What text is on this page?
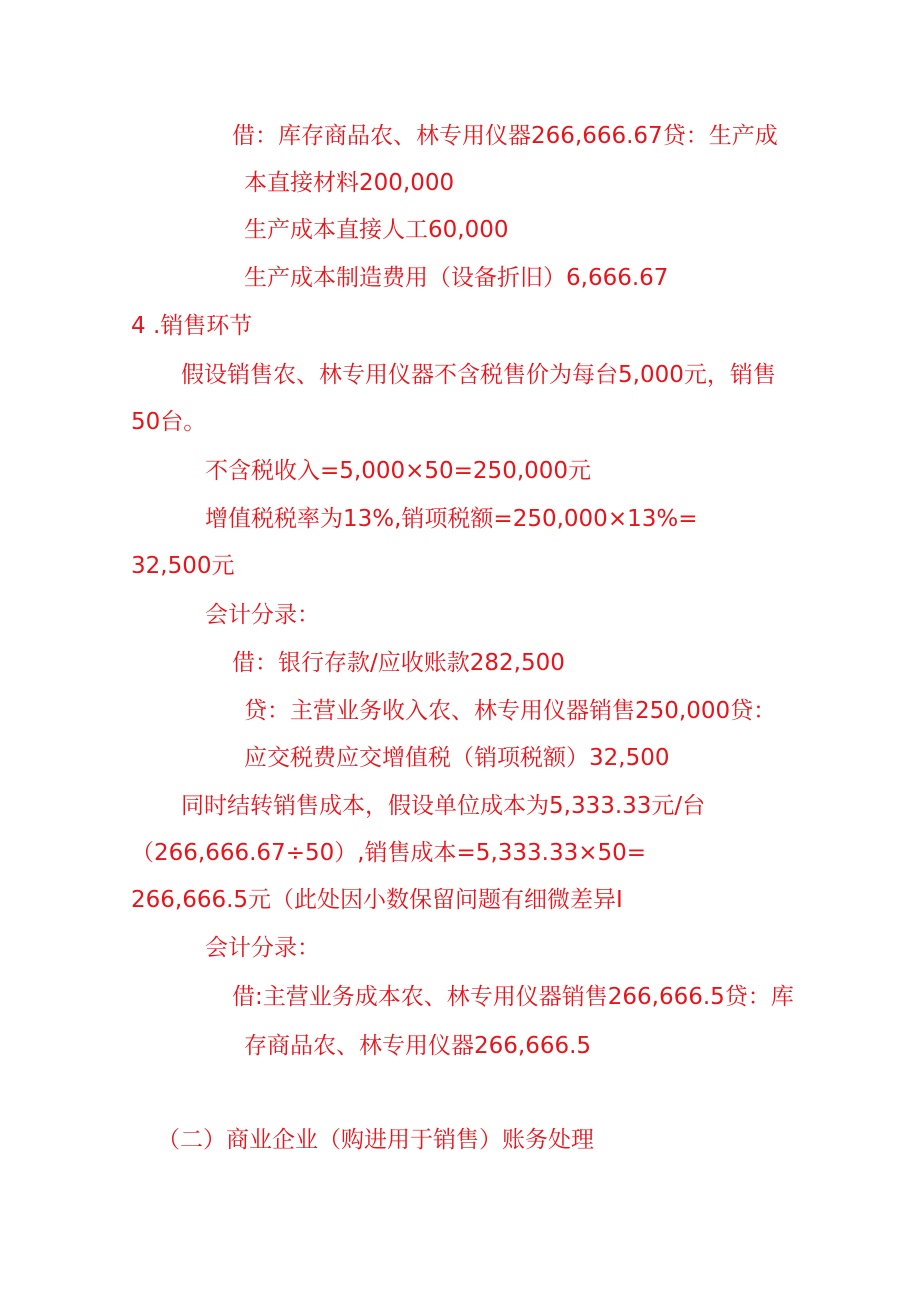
借：库存商品农、林专用仪器266,666.67贷：生产成
本直接材料200,000
生产成本直接人工60,000
生产成本制造费用（设备折旧）6,666.67
4 .销售环节
假设销售农、林专用仪器不含税售价为每台5,000元，销售
50台。
不含税收入=5,000×50=250,000元
增值税税率为13%,销项税额=250,000×13%=
32,500元
会计分录：
借：银行存款/应收账款282,500
贷：主营业务收入农、林专用仪器销售250,000贷：
应交税费应交增值税（销项税额）32,500
同时结转销售成本，假设单位成本为5,333.33元/台
（266,666.67÷50）,销售成本=5,333.33×50=
266,666.5元（此处因小数保留问题有细微差异I
会计分录：
借:主营业务成本农、林专用仪器销售266,666.5贷：库
存商品农、林专用仪器266,666.5
（二）商业企业（购进用于销售）账务处理
